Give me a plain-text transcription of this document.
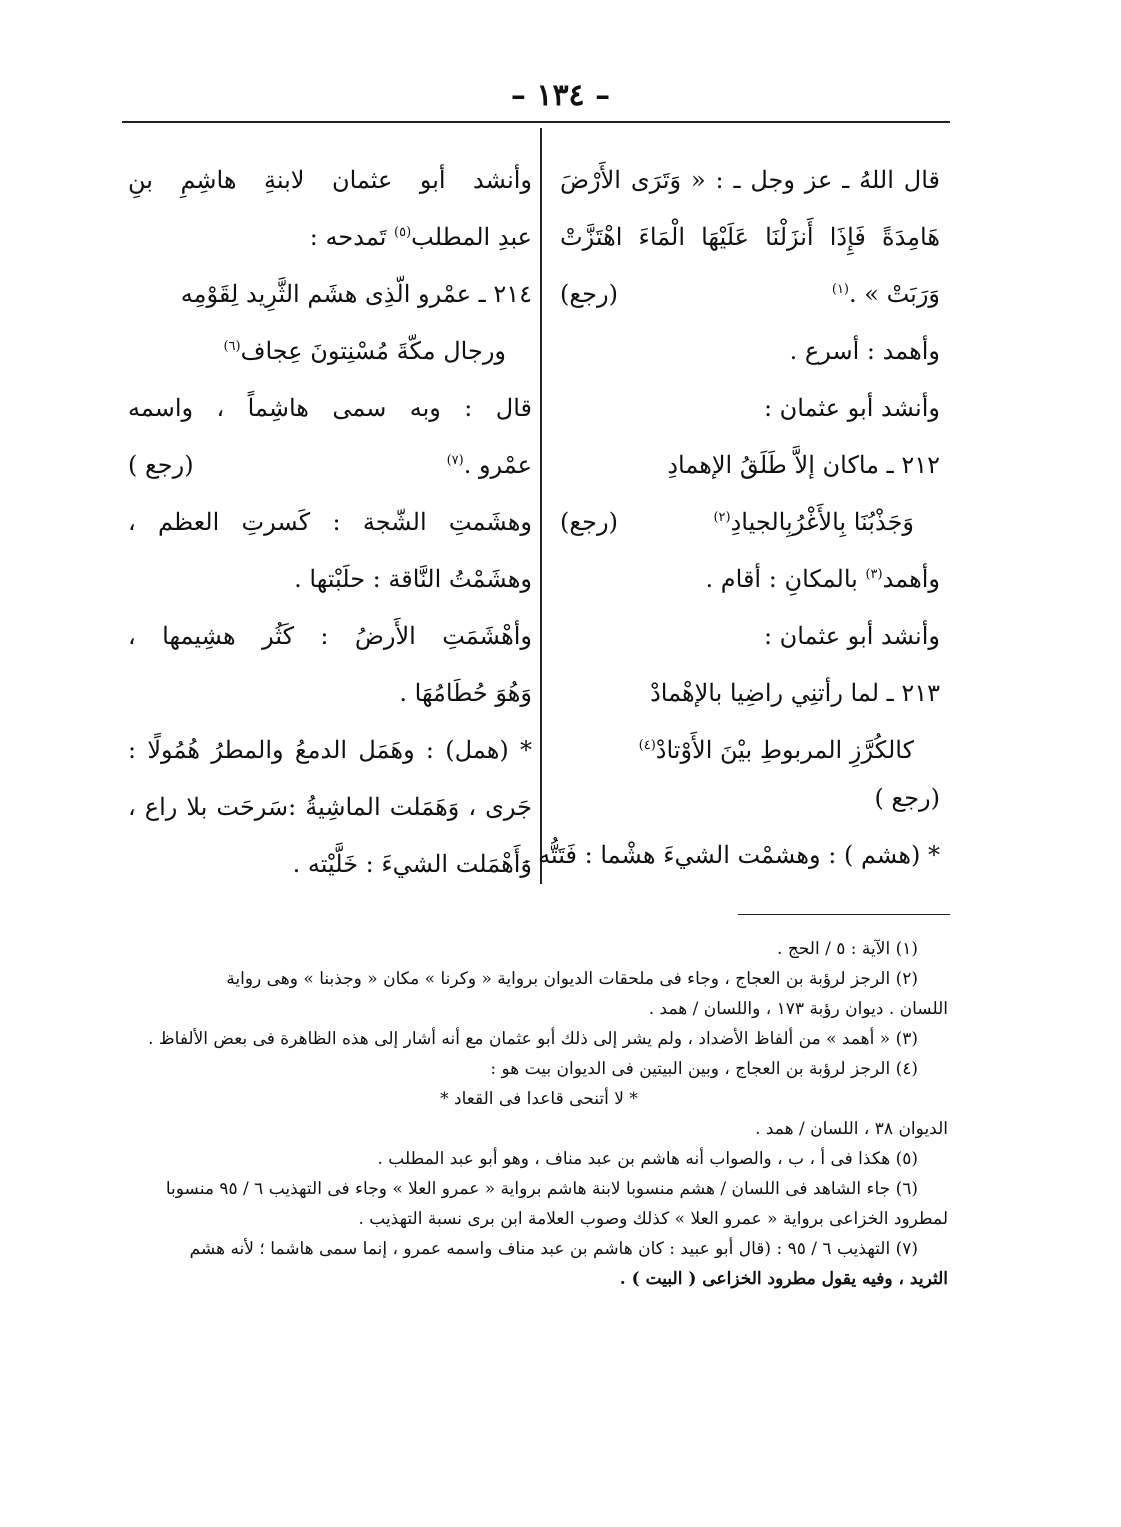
– ١٣٤ –
قال اللهُ ـ عز وجل ـ : « وَتَرَى الأَرْضَ
هَامِدَةً فَإِذَا أَنزَلْنَا عَلَيْهَا الْمَاءَ اهْتَزَّتْ
وَرَبَتْ » .$^{(١)}$
(رجع)
وأهمد : أسرع .
وأنشد أبو عثمان :
٢١٢ ـ ماكان إلاَّ طَلَقُ الإهمادِ
وَجَذْبُنَا بِالأَغْرُبِالجيادِ$^{(٢)}$
(رجع)
وأهمد$^{(٣)}$ بالمكانِ : أقام .
وأنشد أبو عثمان :
٢١٣ ـ لما رأتنِي راضِيا بالإهْمادْ
كالكُرَّزِ المربوطِ بيْنَ الأَوْتادْ$^{(٤)}$
(رجع )
* (هشم ) : وهشمْت الشيءَ هشْما : فَتَتُّه .
وأنشد أبو عثمان لابنةِ هاشِمِ بنِ
عبدِ المطلب$^{(٥)}$ تَمدحه :
٢١٤ ـ عمْرو الّذِى هشَم الثَّرِيد لِقَوْمِه
ورجال مكّةَ مُسْنِتونَ عِجاف$^{(٦)}$
قال : وبه سمى هاشِماً ، واسمه
عمْرو .$^{(٧)}$
(رجع )
وهشَمتِ الشّجة : كَسرتِ العظم ،
وهشَمْتُ النَّاقة : حلَبْتها .
وأهْشَمَتِ الأَرضُ : كَثُر هشِيمها ،
وَهُوَ حُطَامُهَا .
* (همل) : وهَمَل الدمعُ والمطرُ هُمُولًا :
جَرى ، وَهَمَلت الماشِيةُ :سَرحَت بلا راع ،
وَأَهْمَلت الشيءَ : خَلَّيْته .
(١) الآية : ٥ / الحج .
(٢) الرجز لرؤبة بن العجاج ، وجاء فى ملحقات الديوان برواية « وكرنا » مكان « وجذبنا » وهى رواية
اللسان . ديوان رؤبة ١٧٣ ، واللسان / همد .
(٣) « أهمد » من ألفاظ الأضداد ، ولم يشر إلى ذلك أبو عثمان مع أنه أشار إلى هذه الظاهرة فى بعض الألفاظ .
(٤) الرجز لرؤبة بن العجاج ، وبين البيتين فى الديوان بيت هو :
* لا أتنحى قاعدا فى القعاد *
الديوان ٣٨ ، اللسان / همد .
(٥) هكذا فى أ ، ب ، والصواب أنه هاشم بن عبد مناف ، وهو أبو عبد المطلب .
(٦) جاء الشاهد فى اللسان / هشم منسوبا لابنة هاشم برواية « عمرو العلا » وجاء فى التهذيب ٦ / ٩٥ منسوبا
لمطرود الخزاعى برواية « عمرو العلا » كذلك وصوب العلامة ابن برى نسبة التهذيب .
(٧) التهذيب ٦ / ٩٥ : (قال أبو عبيد : كان هاشم بن عبد مناف واسمه عمرو ، إنما سمى هاشما ؛ لأنه هشم
الثريد ، وفيه يقول مطرود الخزاعى ( البيت ) .
